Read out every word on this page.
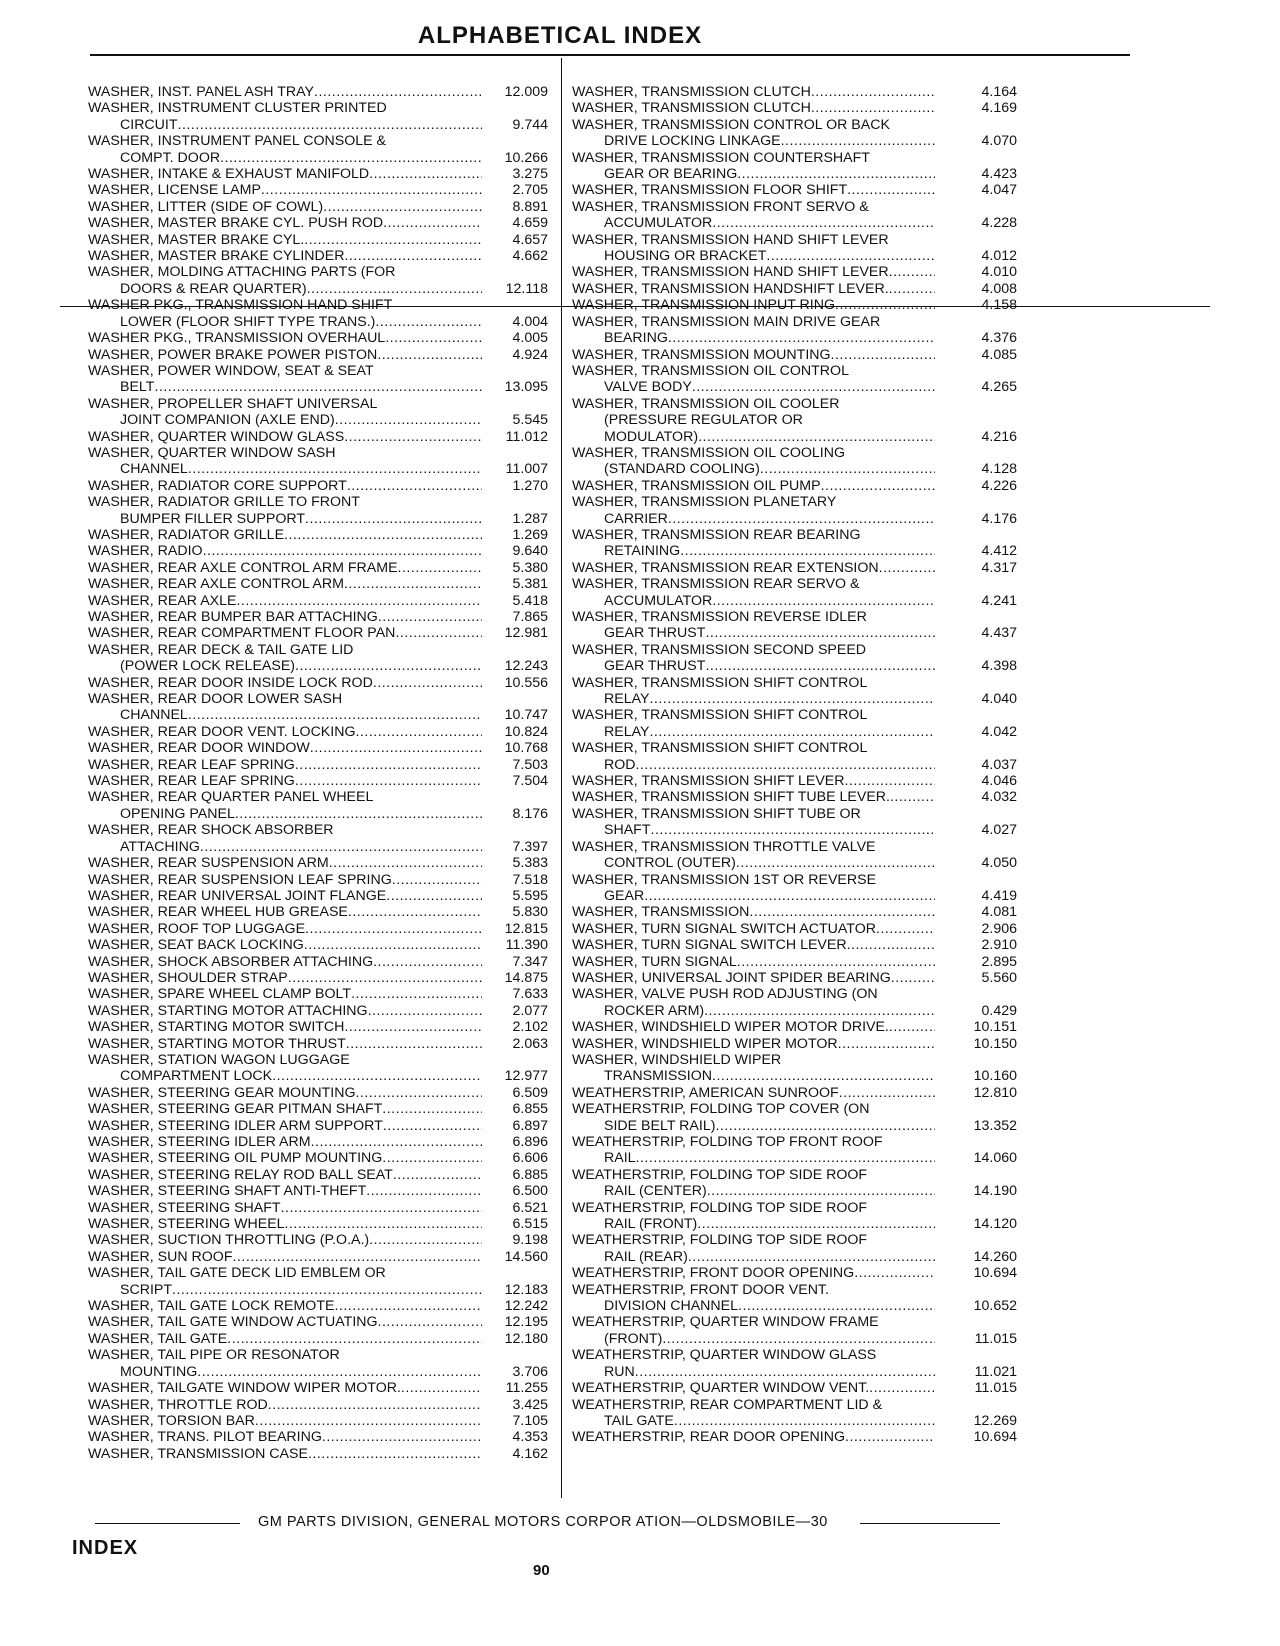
ALPHABETICAL INDEX
WASHER, INST. PANEL ASH TRAY .....	12.009
WASHER, INSTRUMENT CLUSTER PRINTED
CIRCUIT .....	9.744
WASHER, INSTRUMENT PANEL CONSOLE &
COMPT. DOOR .....	10.266
WASHER, INTAKE & EXHAUST MANIFOLD .....	3.275
WASHER, LICENSE LAMP .....	2.705
WASHER, LITTER (SIDE OF COWL) .....	8.891
WASHER, MASTER BRAKE CYL. PUSH ROD .....	4.659
WASHER, MASTER BRAKE CYL. .....	4.657
WASHER, MASTER BRAKE CYLINDER .....	4.662
WASHER, MOLDING ATTACHING PARTS (FOR
DOORS & REAR QUARTER) .....	12.118
WASHER PKG., TRANSMISSION HAND SHIFT
LOWER (FLOOR SHIFT TYPE TRANS.) .....	4.004
WASHER PKG., TRANSMISSION OVERHAUL .....	4.005
WASHER, POWER BRAKE POWER PISTON .....	4.924
WASHER, POWER WINDOW, SEAT & SEAT
BELT .....	13.095
WASHER, PROPELLER SHAFT UNIVERSAL
JOINT COMPANION (AXLE END) .....	5.545
WASHER, QUARTER WINDOW GLASS .....	11.012
WASHER, QUARTER WINDOW SASH
CHANNEL .....	11.007
WASHER, RADIATOR CORE SUPPORT .....	1.270
WASHER, RADIATOR GRILLE TO FRONT
BUMPER FILLER SUPPORT .....	1.287
WASHER, RADIATOR GRILLE .....	1.269
WASHER, RADIO .....	9.640
WASHER, REAR AXLE CONTROL ARM FRAME .....	5.380
WASHER, REAR AXLE CONTROL ARM .....	5.381
WASHER, REAR AXLE .....	5.418
WASHER, REAR BUMPER BAR ATTACHING .....	7.865
WASHER, REAR COMPARTMENT FLOOR PAN .....	12.981
WASHER, REAR DECK & TAIL GATE LID
(POWER LOCK RELEASE) .....	12.243
WASHER, REAR DOOR INSIDE LOCK ROD .....	10.556
WASHER, REAR DOOR LOWER SASH
CHANNEL .....	10.747
WASHER, REAR DOOR VENT. LOCKING .....	10.824
WASHER, REAR DOOR WINDOW .....	10.768
WASHER, REAR LEAF SPRING .....	7.503
WASHER, REAR LEAF SPRING .....	7.504
WASHER, REAR QUARTER PANEL WHEEL
OPENING PANEL .....	8.176
WASHER, REAR SHOCK ABSORBER
ATTACHING .....	7.397
WASHER, REAR SUSPENSION ARM .....	5.383
WASHER, REAR SUSPENSION LEAF SPRING .....	7.518
WASHER, REAR UNIVERSAL JOINT FLANGE .....	5.595
WASHER, REAR WHEEL HUB GREASE .....	5.830
WASHER, ROOF TOP LUGGAGE .....	12.815
WASHER, SEAT BACK LOCKING .....	11.390
WASHER, SHOCK ABSORBER ATTACHING .....	7.347
WASHER, SHOULDER STRAP .....	14.875
WASHER, SPARE WHEEL CLAMP BOLT .....	7.633
WASHER, STARTING MOTOR ATTACHING .....	2.077
WASHER, STARTING MOTOR SWITCH .....	2.102
WASHER, STARTING MOTOR THRUST .....	2.063
WASHER, STATION WAGON LUGGAGE
COMPARTMENT LOCK .....	12.977
WASHER, STEERING GEAR MOUNTING .....	6.509
WASHER, STEERING GEAR PITMAN SHAFT .....	6.855
WASHER, STEERING IDLER ARM SUPPORT .....	6.897
WASHER, STEERING IDLER ARM .....	6.896
WASHER, STEERING OIL PUMP MOUNTING .....	6.606
WASHER, STEERING RELAY ROD BALL SEAT .....	6.885
WASHER, STEERING SHAFT ANTI-THEFT .....	6.500
WASHER, STEERING SHAFT .....	6.521
WASHER, STEERING WHEEL .....	6.515
WASHER, SUCTION THROTTLING (P.O.A.) .....	9.198
WASHER, SUN ROOF .....	14.560
WASHER, TAIL GATE DECK LID EMBLEM OR
SCRIPT .....	12.183
WASHER, TAIL GATE LOCK REMOTE .....	12.242
WASHER, TAIL GATE WINDOW ACTUATING .....	12.195
WASHER, TAIL GATE .....	12.180
WASHER, TAIL PIPE OR RESONATOR
MOUNTING .....	3.706
WASHER, TAILGATE WINDOW WIPER MOTOR. .....	11.255
WASHER, THROTTLE ROD .....	3.425
WASHER, TORSION BAR .....	7.105
WASHER, TRANS. PILOT BEARING .....	4.353
WASHER, TRANSMISSION CASE .....	4.162
WASHER, TRANSMISSION CLUTCH .....	4.164
WASHER, TRANSMISSION CLUTCH .....	4.169
WASHER, TRANSMISSION CONTROL OR BACK
DRIVE LOCKING LINKAGE .....	4.070
WASHER, TRANSMISSION COUNTERSHAFT
GEAR OR BEARING .....	4.423
WASHER, TRANSMISSION FLOOR SHIFT .....	4.047
WASHER, TRANSMISSION FRONT SERVO &
ACCUMULATOR .....	4.228
WASHER, TRANSMISSION HAND SHIFT LEVER
HOUSING OR BRACKET .....	4.012
WASHER, TRANSMISSION HAND SHIFT LEVER .....	4.010
WASHER, TRANSMISSION HANDSHIFT LEVER. .....	4.008
WASHER, TRANSMISSION INPUT RING .....	4.158
WASHER, TRANSMISSION MAIN DRIVE GEAR
BEARING .....	4.376
WASHER, TRANSMISSION MOUNTING .....	4.085
WASHER, TRANSMISSION OIL CONTROL
VALVE BODY .....	4.265
WASHER, TRANSMISSION OIL COOLER
(PRESSURE REGULATOR OR
MODULATOR) .....	4.216
WASHER, TRANSMISSION OIL COOLING
(STANDARD COOLING) .....	4.128
WASHER, TRANSMISSION OIL PUMP .....	4.226
WASHER, TRANSMISSION PLANETARY
CARRIER .....	4.176
WASHER, TRANSMISSION REAR BEARING
RETAINING .....	4.412
WASHER, TRANSMISSION REAR EXTENSION .....	4.317
WASHER, TRANSMISSION REAR SERVO &
ACCUMULATOR .....	4.241
WASHER, TRANSMISSION REVERSE IDLER
GEAR THRUST .....	4.437
WASHER, TRANSMISSION SECOND SPEED
GEAR THRUST .....	4.398
WASHER, TRANSMISSION SHIFT CONTROL
RELAY .....	4.040
WASHER, TRANSMISSION SHIFT CONTROL
RELAY .....	4.042
WASHER, TRANSMISSION SHIFT CONTROL
ROD .....	4.037
WASHER, TRANSMISSION SHIFT LEVER .....	4.046
WASHER, TRANSMISSION SHIFT TUBE LEVER. .....	4.032
WASHER, TRANSMISSION SHIFT TUBE OR
SHAFT .....	4.027
WASHER, TRANSMISSION THROTTLE VALVE
CONTROL (OUTER) .....	4.050
WASHER, TRANSMISSION 1ST OR REVERSE
GEAR .....	4.419
WASHER, TRANSMISSION .....	4.081
WASHER, TURN SIGNAL SWITCH ACTUATOR .....	2.906
WASHER, TURN SIGNAL SWITCH LEVER .....	2.910
WASHER, TURN SIGNAL .....	2.895
WASHER, UNIVERSAL JOINT SPIDER BEARING .....	5.560
WASHER, VALVE PUSH ROD ADJUSTING (ON
ROCKER ARM) .....	0.429
WASHER, WINDSHIELD WIPER MOTOR DRIVE. .....	10.151
WASHER, WINDSHIELD WIPER MOTOR .....	10.150
WASHER, WINDSHIELD WIPER
TRANSMISSION .....	10.160
WEATHERSTRIP, AMERICAN SUNROOF .....	12.810
WEATHERSTRIP, FOLDING TOP COVER (ON
SIDE BELT RAIL) .....	13.352
WEATHERSTRIP, FOLDING TOP FRONT ROOF
RAIL .....	14.060
WEATHERSTRIP, FOLDING TOP SIDE ROOF
RAIL (CENTER) .....	14.190
WEATHERSTRIP, FOLDING TOP SIDE ROOF
RAIL (FRONT) .....	14.120
WEATHERSTRIP, FOLDING TOP SIDE ROOF
RAIL (REAR) .....	14.260
WEATHERSTRIP, FRONT DOOR OPENING .....	10.694
WEATHERSTRIP, FRONT DOOR VENT.
DIVISION CHANNEL .....	10.652
WEATHERSTRIP, QUARTER WINDOW FRAME
(FRONT) .....	11.015
WEATHERSTRIP, QUARTER WINDOW GLASS
RUN .....	11.021
WEATHERSTRIP, QUARTER WINDOW VENT. .....	11.015
WEATHERSTRIP, REAR COMPARTMENT LID &
TAIL GATE .....	12.269
WEATHERSTRIP, REAR DOOR OPENING .....	10.694
GM PARTS DIVISION, GENERAL MOTORS CORPOR ATION—OLDSMOBILE—30
INDEX
90
